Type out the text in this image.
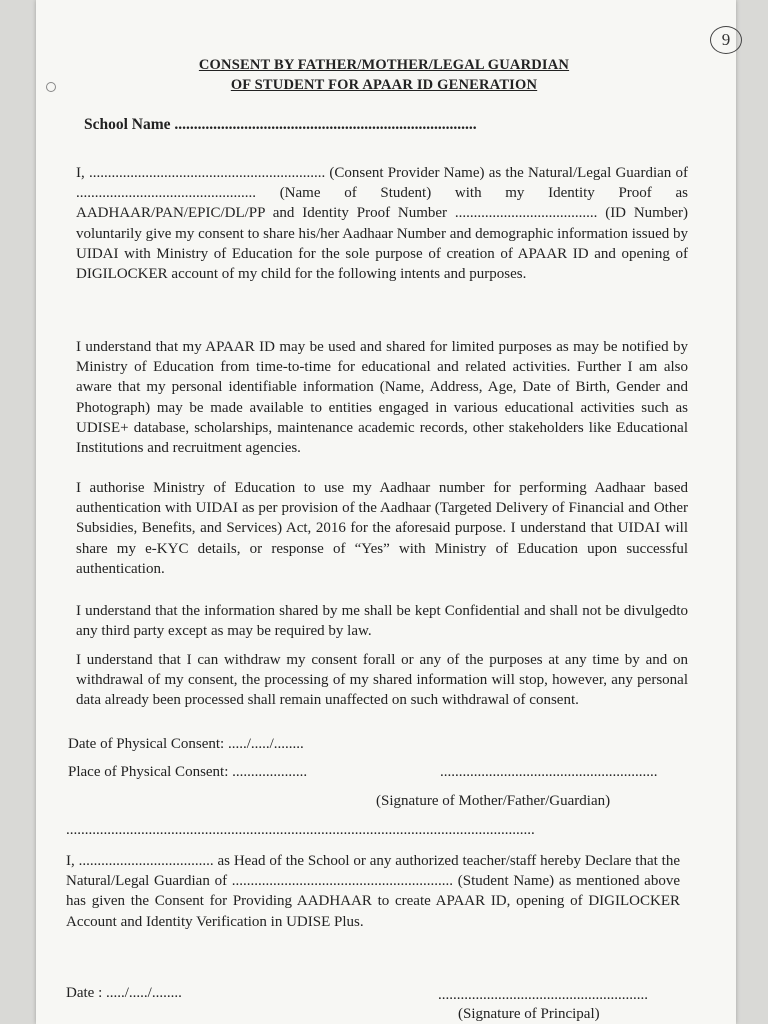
9
CONSENT BY FATHER/MOTHER/LEGAL GUARDIAN
OF STUDENT FOR APAAR ID GENERATION
School Name ..............................................................................

I, ............................................................... (Consent Provider Name) as the Natural/Legal Guardian of ................................................ (Name of Student) with my Identity Proof as AADHAAR/PAN/EPIC/DL/PP and Identity Proof Number ...................................... (ID Number) voluntarily give my consent to share his/her Aadhaar Number and demographic information issued by UIDAI with Ministry of Education for the sole purpose of creation of APAAR ID and opening of DIGILOCKER account of my child for the following intents and purposes.

I understand that my APAAR ID may be used and shared for limited purposes as may be notified by Ministry of Education from time-to-time for educational and related activities. Further I am also aware that my personal identifiable information (Name, Address, Age, Date of Birth, Gender and Photograph) may be made available to entities engaged in various educational activities such as UDISE+ database, scholarships, maintenance academic records, other stakeholders like Educational Institutions and recruitment agencies.

I authorise Ministry of Education to use my Aadhaar number for performing Aadhaar based authentication with UIDAI as per provision of the Aadhaar (Targeted Delivery of Financial and Other Subsidies, Benefits, and Services) Act, 2016 for the aforesaid purpose. I understand that UIDAI will share my e-KYC details, or response of “Yes” with Ministry of Education upon successful authentication.

I understand that the information shared by me shall be kept Confidential and shall not be divulgedto any third party except as may be required by law.

I understand that I can withdraw my consent forall or any of the purposes at any time by and on withdrawal of my consent, the processing of my shared information will stop, however, any personal data already been processed shall remain unaffected on such withdrawal of consent.

Date of Physical Consent: ...../...../........
Place of Physical Consent: ....................	..........................................................
(Signature of Mother/Father/Guardian)
.............................................................................................................................

I, .................................... as Head of the School or any authorized teacher/staff hereby Declare that the Natural/Legal Guardian of ........................................................... (Student Name) as mentioned above has given the Consent for Providing AADHAAR to create APAAR ID, opening of DIGILOCKER Account and Identity Verification in UDISE Plus.

Date : ...../...../........	........................................................
(Signature of Principal)
